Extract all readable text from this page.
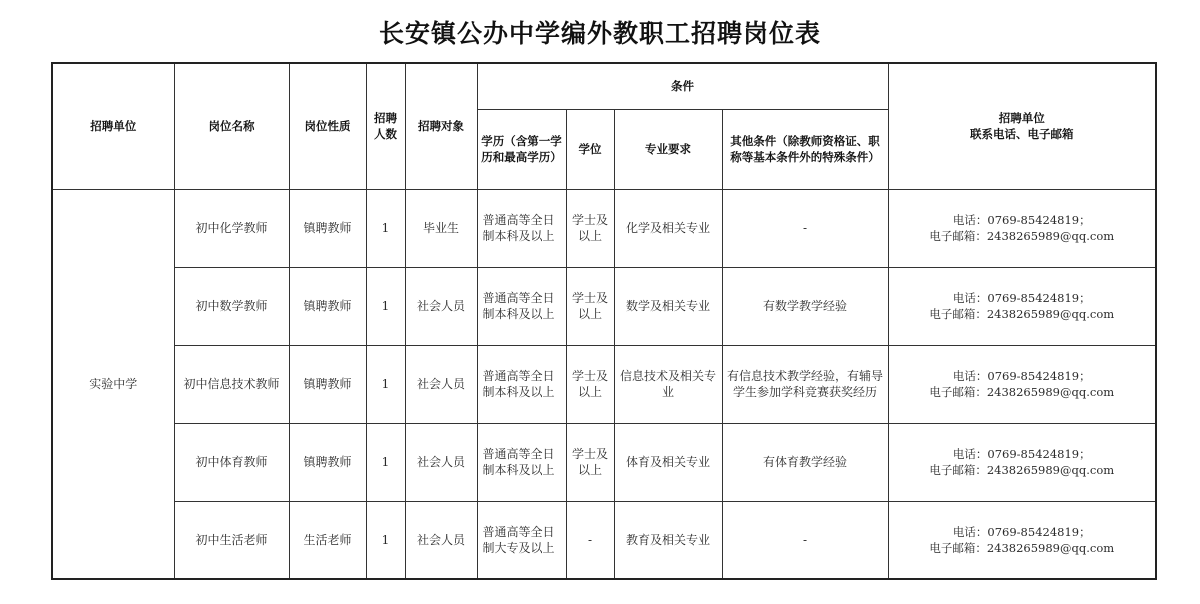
长安镇公办中学编外教职工招聘岗位表
招聘单位	岗位名称	岗位性质	招聘人数	招聘对象	条件				招聘单位
联系电话、电子邮箱

					学历（含第一学历和最高学历）	学位	专业要求	其他条件（除教师资格证、职称等基本条件外的特殊条件）	
实验中学	初中化学教师	镇聘教师	1	毕业生	普通高等全日制本科及以上	学士及以上	化学及相关专业	-	电话：0769-85424819；
电子邮箱：2438265989@qq.com

	初中数学教师	镇聘教师	1	社会人员	普通高等全日制本科及以上	学士及以上	数学及相关专业	有数学教学经验	电话：0769-85424819；
电子邮箱：2438265989@qq.com

	初中信息技术教师	镇聘教师	1	社会人员	普通高等全日制本科及以上	学士及以上	信息技术及相关专业	有信息技术教学经验，有辅导学生参加学科竞赛获奖经历	电话：0769-85424819；
电子邮箱：2438265989@qq.com

	初中体育教师	镇聘教师	1	社会人员	普通高等全日制本科及以上	学士及以上	体育及相关专业	有体育教学经验	电话：0769-85424819；
电子邮箱：2438265989@qq.com

	初中生活老师	生活老师	1	社会人员	普通高等全日制大专及以上	-	教育及相关专业	-	电话：0769-85424819；
电子邮箱：2438265989@qq.com
